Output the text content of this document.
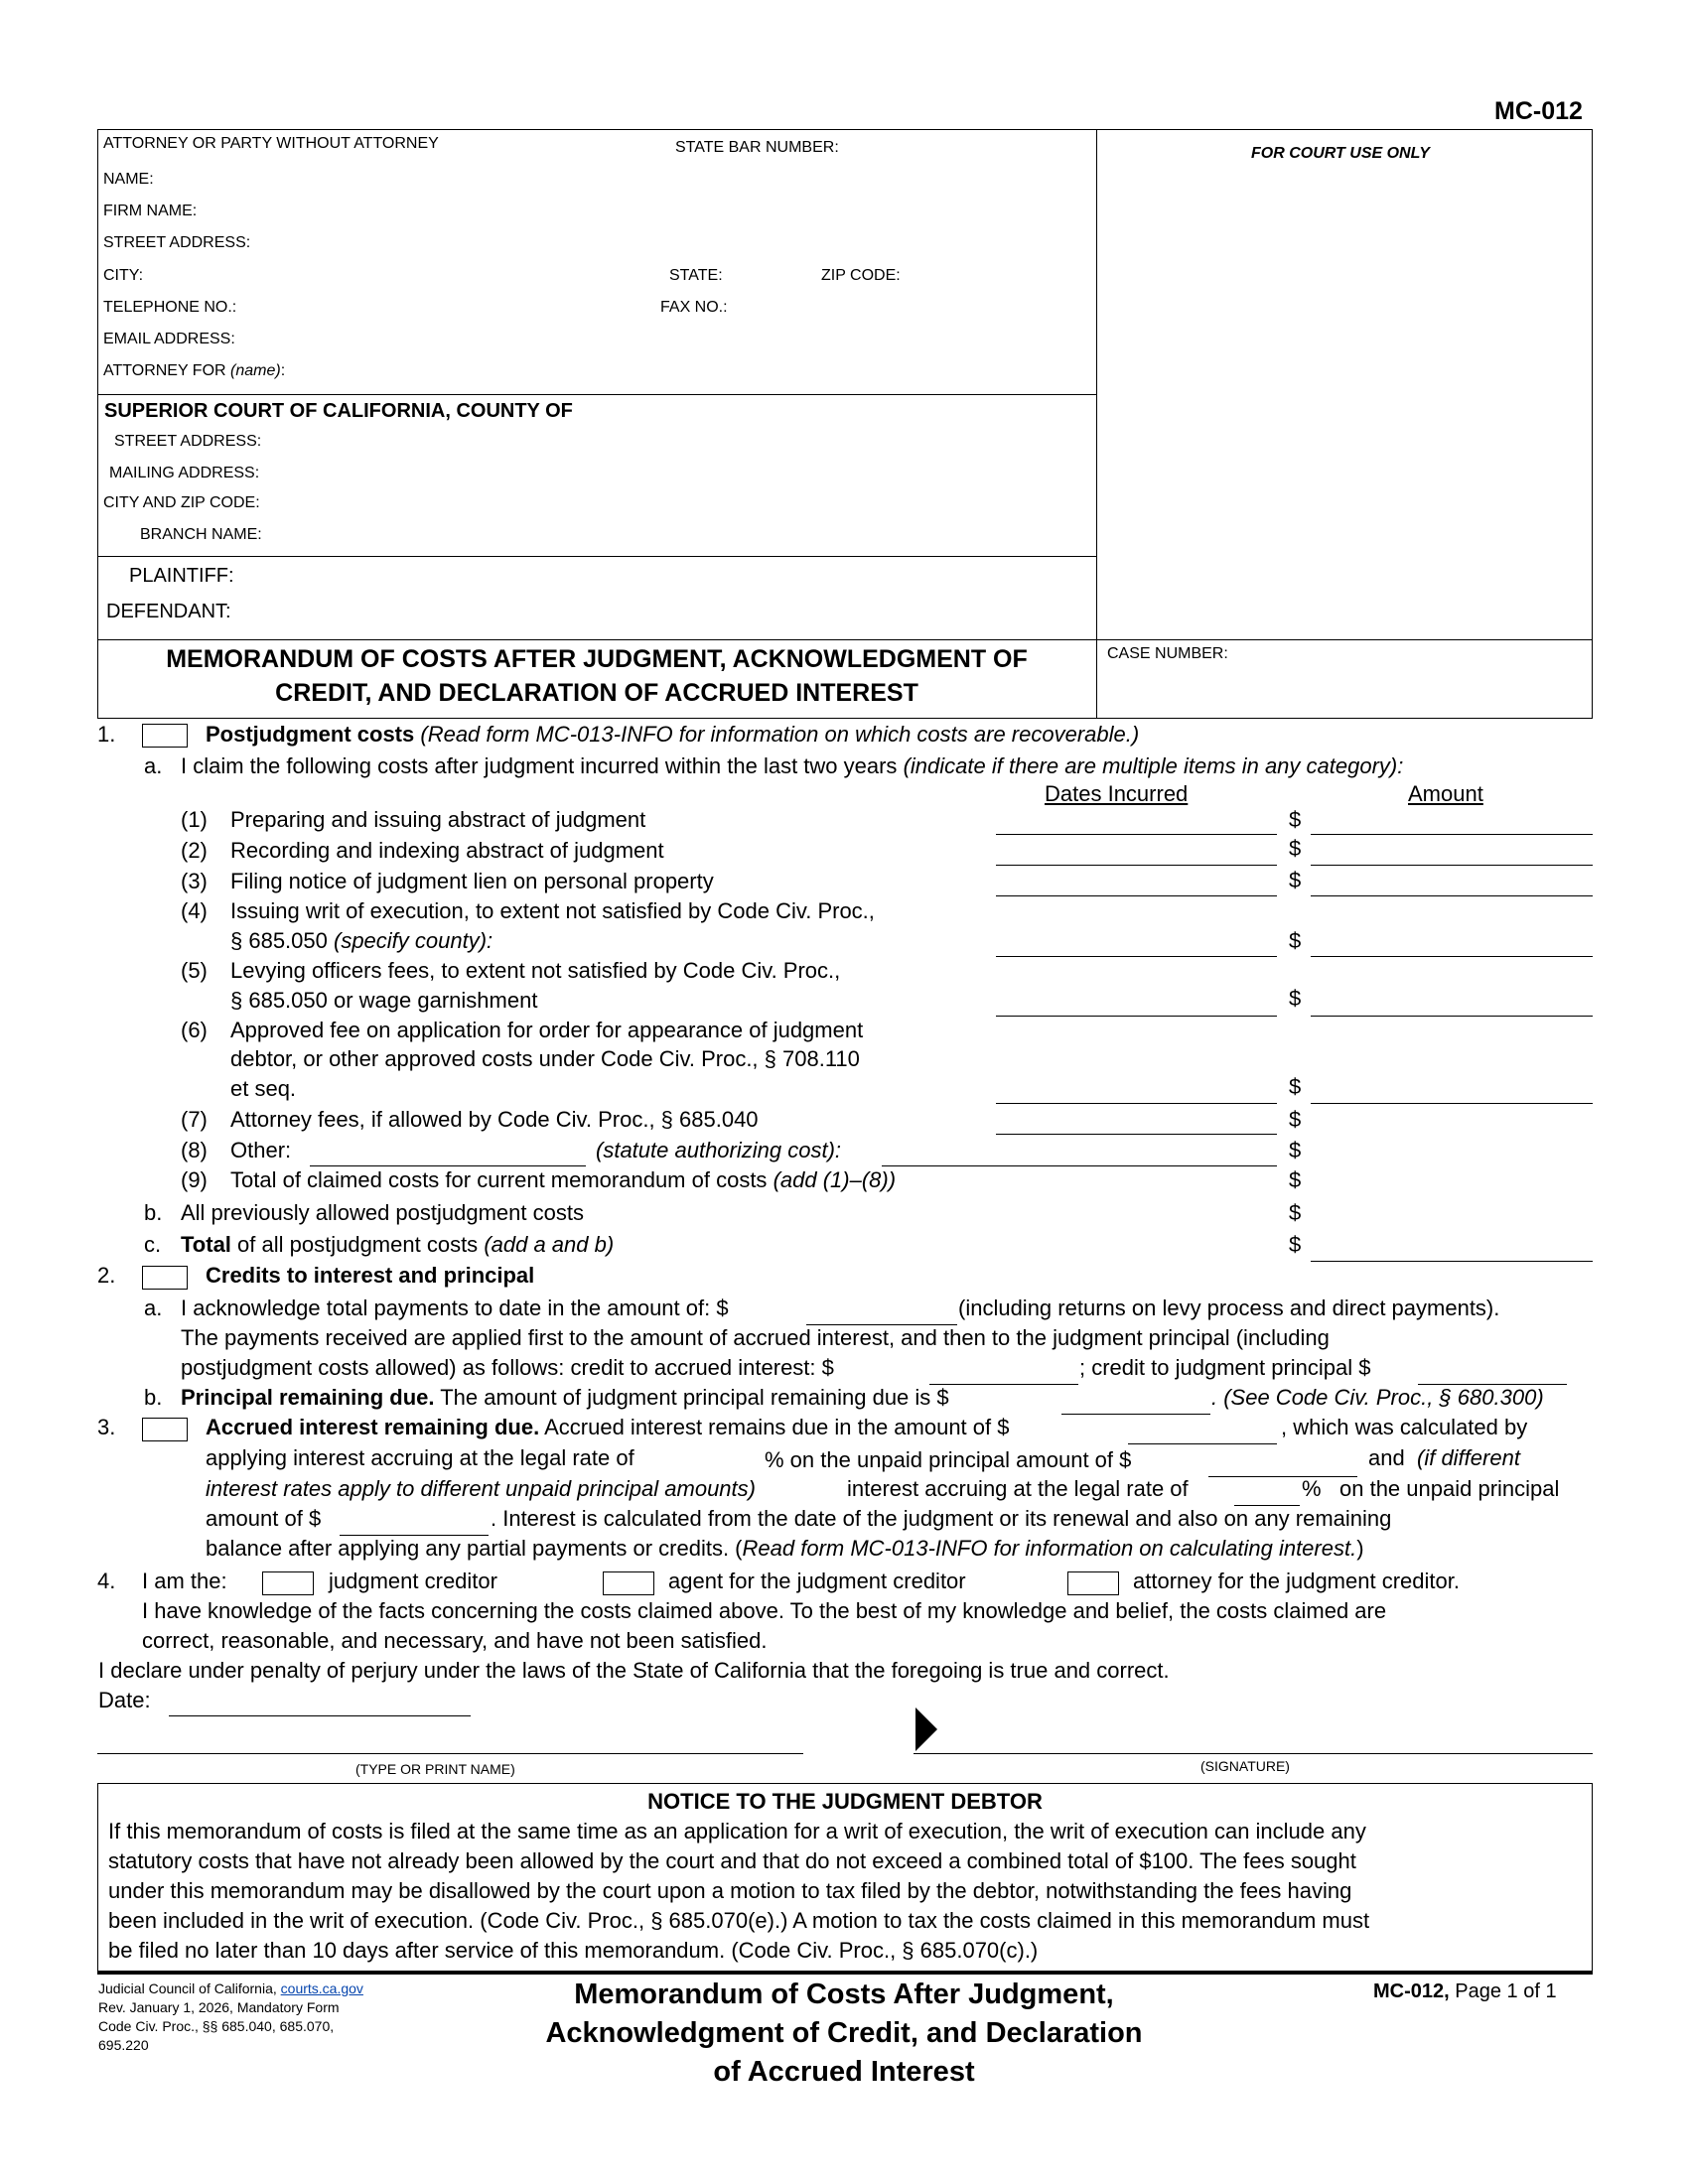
MC-012
ATTORNEY OR PARTY WITHOUT ATTORNEY	STATE BAR NUMBER:	FOR COURT USE ONLY
NAME:
FIRM NAME:
STREET ADDRESS:
CITY:	STATE:	ZIP CODE:
TELEPHONE NO.:	FAX NO.:
EMAIL ADDRESS:
ATTORNEY FOR (name):
SUPERIOR COURT OF CALIFORNIA, COUNTY OF
STREET ADDRESS:
MAILING ADDRESS:
CITY AND ZIP CODE:
BRANCH NAME:
PLAINTIFF:
DEFENDANT:
MEMORANDUM OF COSTS AFTER JUDGMENT, ACKNOWLEDGMENT OF
CREDIT, AND DECLARATION OF ACCRUED INTEREST
CASE NUMBER:
1.	Postjudgment costs (Read form MC-013-INFO for information on which costs are recoverable.)
a. I claim the following costs after judgment incurred within the last two years (indicate if there are multiple items in any category):
Dates Incurred	Amount
(1) Preparing and issuing abstract of judgment	$
(2) Recording and indexing abstract of judgment	$
(3) Filing notice of judgment lien on personal property	$
(4) Issuing writ of execution, to extent not satisfied by Code Civ. Proc.,
§ 685.050 (specify county):	$
(5) Levying officers fees, to extent not satisfied by Code Civ. Proc.,
§ 685.050 or wage garnishment	$
(6) Approved fee on application for order for appearance of judgment
debtor, or other approved costs under Code Civ. Proc., § 708.110
et seq.	$
(7) Attorney fees, if allowed by Code Civ. Proc., § 685.040	$
(8) Other:	(statute authorizing cost):	$
(9) Total of claimed costs for current memorandum of costs (add (1)–(8))	$
b. All previously allowed postjudgment costs	$
c. Total of all postjudgment costs (add a and b)	$
2.	Credits to interest and principal
a. I acknowledge total payments to date in the amount of: $	(including returns on levy process and direct payments).
The payments received are applied first to the amount of accrued interest, and then to the judgment principal (including
postjudgment costs allowed) as follows: credit to accrued interest: $	; credit to judgment principal $
b. Principal remaining due. The amount of judgment principal remaining due is $	. (See Code Civ. Proc., § 680.300)
3.	Accrued interest remaining due. Accrued interest remains due in the amount of $	, which was calculated by
applying interest accruing at the legal rate of	% on the unpaid principal amount of $	and (if different
interest rates apply to different unpaid principal amounts)	interest accruing at the legal rate of	% on the unpaid principal
amount of $	. Interest is calculated from the date of the judgment or its renewal and also on any remaining
balance after applying any partial payments or credits. (Read form MC-013-INFO for information on calculating interest.)
4. I am the:	judgment creditor	agent for the judgment creditor	attorney for the judgment creditor.
I have knowledge of the facts concerning the costs claimed above. To the best of my knowledge and belief, the costs claimed are
correct, reasonable, and necessary, and have not been satisfied.
I declare under penalty of perjury under the laws of the State of California that the foregoing is true and correct.
Date:
(TYPE OR PRINT NAME)	(SIGNATURE)
NOTICE TO THE JUDGMENT DEBTOR
If this memorandum of costs is filed at the same time as an application for a writ of execution, the writ of execution can include any
statutory costs that have not already been allowed by the court and that do not exceed a combined total of $100. The fees sought
under this memorandum may be disallowed by the court upon a motion to tax filed by the debtor, notwithstanding the fees having
been included in the writ of execution. (Code Civ. Proc., § 685.070(e).) A motion to tax the costs claimed in this memorandum must
be filed no later than 10 days after service of this memorandum. (Code Civ. Proc., § 685.070(c).)
Judicial Council of California, courts.ca.gov
Rev. January 1, 2026, Mandatory Form
Code Civ. Proc., §§ 685.040, 685.070,
695.220
Memorandum of Costs After Judgment,
Acknowledgment of Credit, and Declaration
of Accrued Interest
MC-012, Page 1 of 1
